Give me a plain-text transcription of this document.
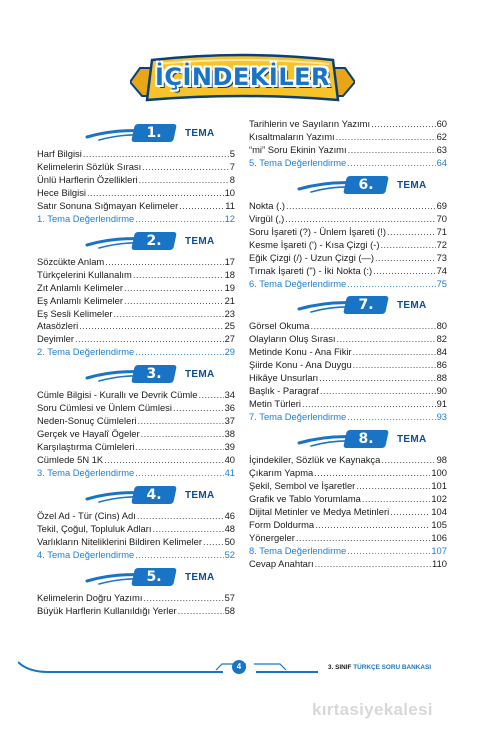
İÇİNDEKİLER
1.	TEMA
Harf Bilgisi .....	5
Kelimelerin Sözlük Sırası .....	7
Ünlü Harflerin Özellikleri .....	8
Hece Bilgisi .....	10
Satır Sonuna Sığmayan Kelimeler .....	11
1. Tema Değerlendirme .....	12
2.	TEMA
Sözcükte Anlam .....	17
Türkçelerini Kullanalım .....	18
Zıt Anlamlı Kelimeler .....	19
Eş Anlamlı Kelimeler .....	21
Eş Sesli Kelimeler .....	23
Atasözleri .....	25
Deyimler .....	27
2. Tema Değerlendirme .....	29
3.	TEMA
Cümle Bilgisi - Kurallı ve Devrik Cümle .....	34
Soru Cümlesi ve Ünlem Cümlesi .....	36
Neden-Sonuç Cümleleri .....	37
Gerçek ve Hayalî Ögeler .....	38
Karşılaştırma Cümleleri .....	39
Cümlede 5N 1K .....	40
3. Tema Değerlendirme .....	41
4.	TEMA
Özel Ad - Tür (Cins) Adı .....	46
Tekil, Çoğul, Topluluk Adları .....	48
Varlıkların Niteliklerini Bildiren Kelimeler ..... 50
4. Tema Değerlendirme .....	52
5.	TEMA
Kelimelerin Doğru Yazımı .....	57
Büyük Harflerin Kullanıldığı Yerler .....	58
Tarihlerin ve Sayıların Yazımı .....	60
Kısaltmaların Yazımı .....	62
“mi” Soru Ekinin Yazımı .....	63
5. Tema Değerlendirme .....	64
6.	TEMA
Nokta (.) .....	69
Virgül (,) .....	70
Soru İşareti (?) - Ünlem İşareti (!) .....	71
Kesme İşareti (') - Kısa Çizgi (-) .....	72
Eğik Çizgi (/) - Uzun Çizgi (—) .....	73
Tırnak İşareti (") - İki Nokta (:) .....	74
6. Tema Değerlendirme .....	75
7.	TEMA
Görsel Okuma .....	80
Olayların Oluş Sırası .....	82
Metinde Konu - Ana Fikir .....	84
Şiirde Konu - Ana Duygu .....	86
Hikâye Unsurları .....	88
Başlık - Paragraf .....	90
Metin Türleri .....	91
7. Tema Değerlendirme .....	93
8.	TEMA
İçindekiler, Sözlük ve Kaynakça .....	98
Çıkarım Yapma .....	100
Şekil, Sembol ve İşaretler .....	101
Grafik ve Tablo Yorumlama .....	102
Dijital Metinler ve Medya Metinleri .....	104
Form Doldurma .....	105
Yönergeler .....	106
8. Tema Değerlendirme .....	107
Cevap Anahtarı .....	110
4	3. SINIF TÜRKÇE SORU BANKASI
kırtasiyekalesi
